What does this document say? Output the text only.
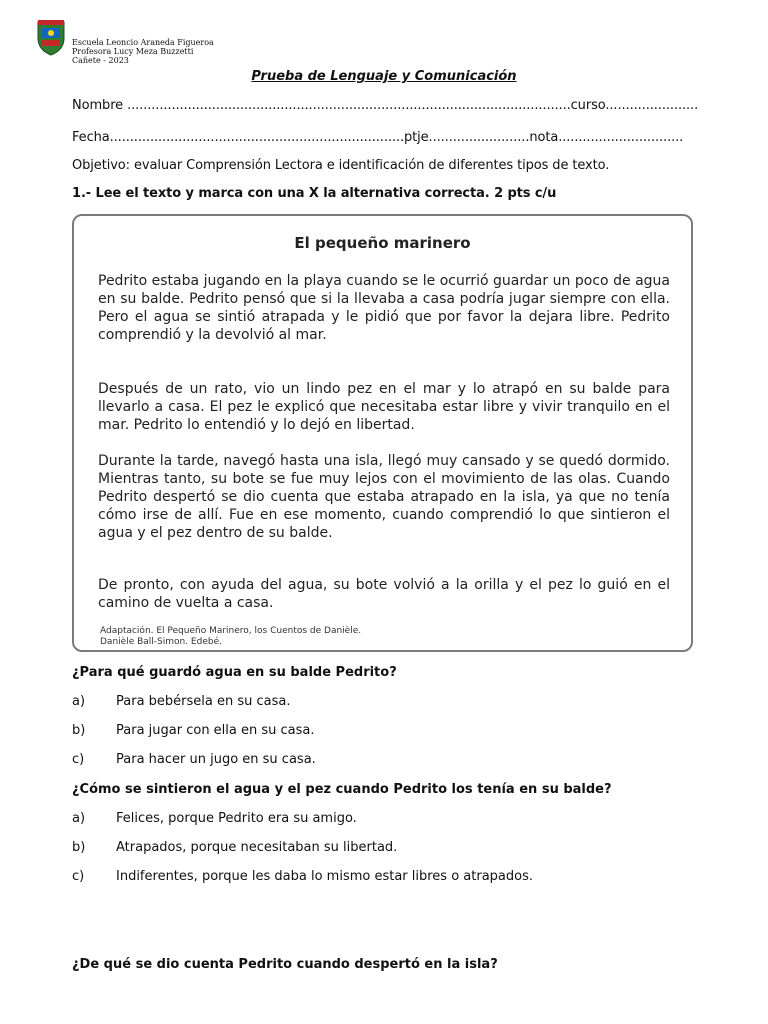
Escuela Leoncio Araneda Figueroa
Profesora Lucy Meza Buzzetti
Cañete - 2023
Prueba de Lenguaje y Comunicación
Nombre ..............................................................................................................curso.......................
Fecha.........................................................................ptje.........................nota...............................
Objetivo: evaluar Comprensión Lectora e identificación de diferentes tipos de texto.
1.- Lee el texto y marca con una X la alternativa correcta. 2 pts c/u
El pequeño marinero

Pedrito estaba jugando en la playa cuando se le ocurrió guardar un poco de agua en su balde. Pedrito pensó que si la llevaba a casa podría jugar siempre con ella. Pero el agua se sintió atrapada y le pidió que por favor la dejara libre. Pedrito comprendió y la devolvió al mar.

Después de un rato, vio un lindo pez en el mar y lo atrapó en su balde para llevarlo a casa. El pez le explicó que necesitaba estar libre y vivir tranquilo en el mar. Pedrito lo entendió y lo dejó en libertad.

Durante la tarde, navegó hasta una isla, llegó muy cansado y se quedó dormido. Mientras tanto, su bote se fue muy lejos con el movimiento de las olas. Cuando Pedrito despertó se dio cuenta que estaba atrapado en la isla, ya que no tenía cómo irse de allí. Fue en ese momento, cuando comprendió lo que sintieron el agua y el pez dentro de su balde.

De pronto, con ayuda del agua, su bote volvió a la orilla y el pez lo guió en el camino de vuelta a casa.

Adaptación. El Pequeño Marinero, los Cuentos de Danièle.
Danièle Ball-Simon. Edebé.
¿Para qué guardó agua en su balde Pedrito?
a) Para bebérsela en su casa.
b) Para jugar con ella en su casa.
c) Para hacer un jugo en su casa.
¿Cómo se sintieron el agua y el pez cuando Pedrito los tenía en su balde?
a) Felices, porque Pedrito era su amigo.
b) Atrapados, porque necesitaban su libertad.
c) Indiferentes, porque les daba lo mismo estar libres o atrapados.
¿De qué se dio cuenta Pedrito cuando despertó en la isla?
